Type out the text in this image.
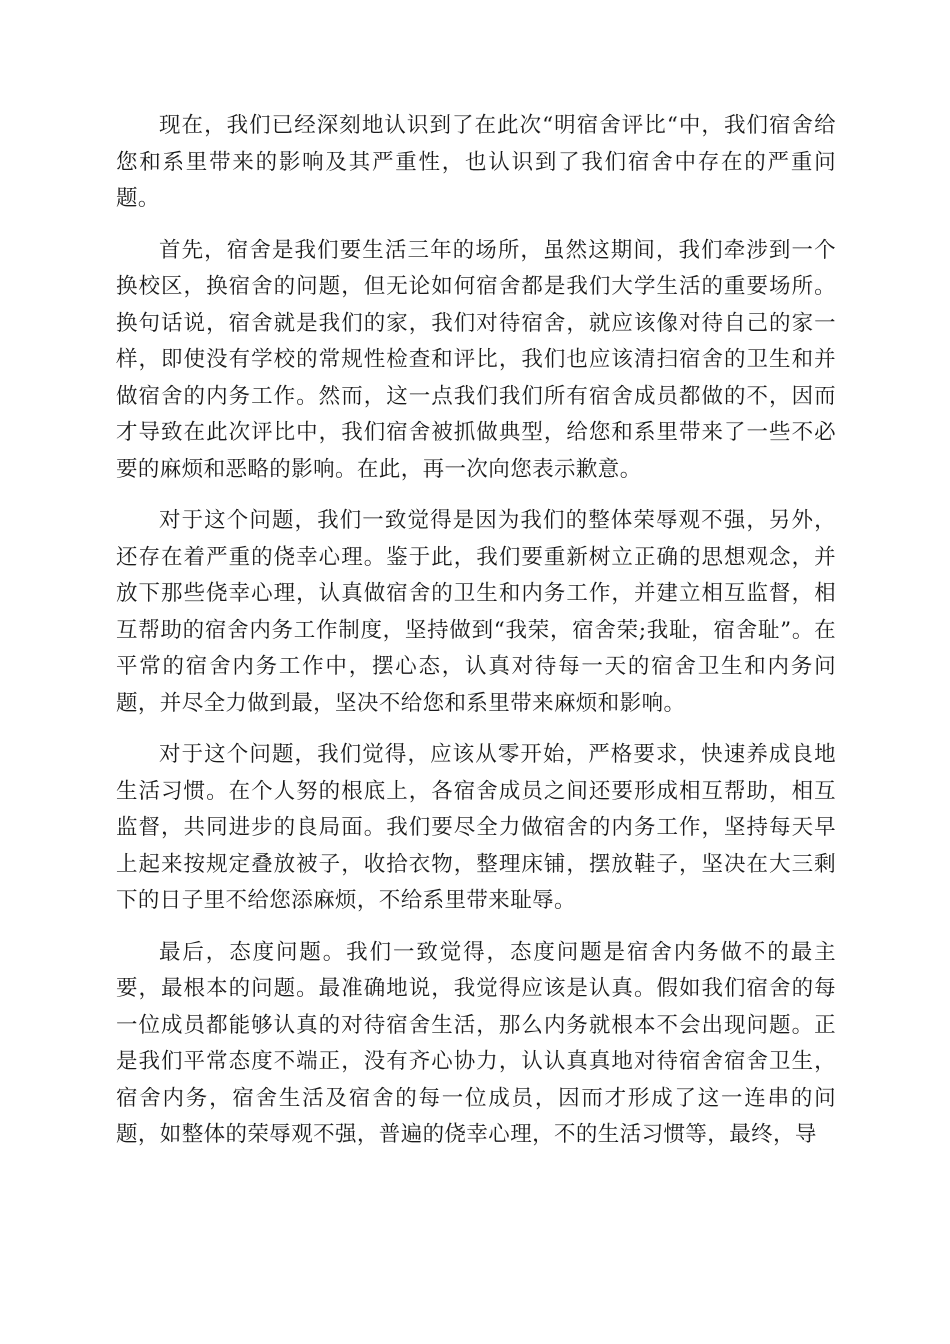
现在，我们已经深刻地认识到了在此次“明宿舍评比“中，我们宿舍给您和系里带来的影响及其严重性，也认识到了我们宿舍中存在的严重问题。

首先，宿舍是我们要生活三年的场所，虽然这期间，我们牵涉到一个换校区，换宿舍的问题，但无论如何宿舍都是我们大学生活的重要场所。换句话说，宿舍就是我们的家，我们对待宿舍，就应该像对待自己的家一样，即使没有学校的常规性检查和评比，我们也应该清扫宿舍的卫生和并做宿舍的内务工作。然而，这一点我们我们所有宿舍成员都做的不，因而才导致在此次评比中，我们宿舍被抓做典型，给您和系里带来了一些不必要的麻烦和恶略的影响。在此，再一次向您表示歉意。

对于这个问题，我们一致觉得是因为我们的整体荣辱观不强，另外，还存在着严重的侥幸心理。鉴于此，我们要重新树立正确的思想观念，并放下那些侥幸心理，认真做宿舍的卫生和内务工作，并建立相互监督，相互帮助的宿舍内务工作制度，坚持做到“我荣，宿舍荣;我耻，宿舍耻”。在平常的宿舍内务工作中，摆心态，认真对待每一天的宿舍卫生和内务问题，并尽全力做到最，坚决不给您和系里带来麻烦和影响。

对于这个问题，我们觉得，应该从零开始，严格要求，快速养成良地生活习惯。在个人努的根底上，各宿舍成员之间还要形成相互帮助，相互监督，共同进步的良局面。我们要尽全力做宿舍的内务工作，坚持每天早上起来按规定叠放被子，收拾衣物，整理床铺，摆放鞋子，坚决在大三剩下的日子里不给您添麻烦，不给系里带来耻辱。

最后，态度问题。我们一致觉得，态度问题是宿舍内务做不的最主要，最根本的问题。最准确地说，我觉得应该是认真。假如我们宿舍的每一位成员都能够认真的对待宿舍生活，那么内务就根本不会出现问题。正是我们平常态度不端正，没有齐心协力，认认真真地对待宿舍宿舍卫生，宿舍内务，宿舍生活及宿舍的每一位成员，因而才形成了这一连串的问题，如整体的荣辱观不强，普遍的侥幸心理，不的生活习惯等，最终，导
